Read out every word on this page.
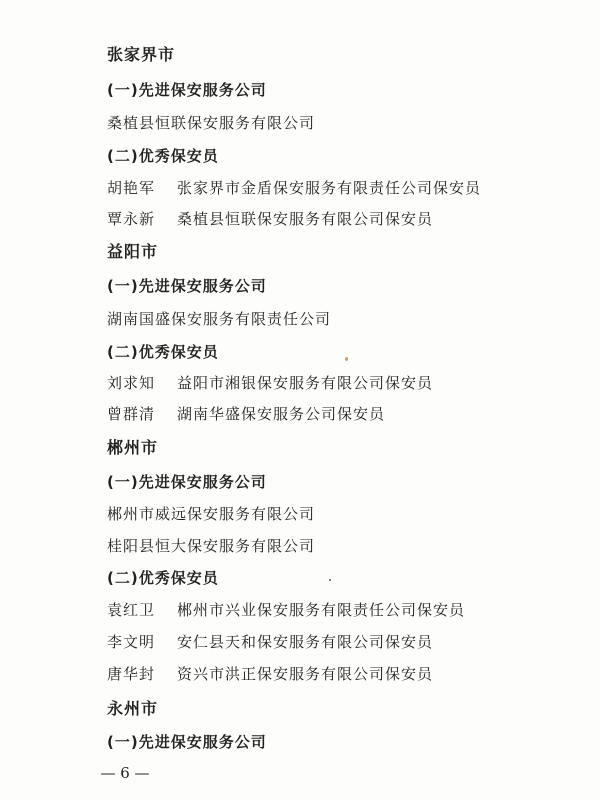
张家界市
(一)先进保安服务公司
桑植县恒联保安服务有限公司
(二)优秀保安员
胡艳军 张家界市金盾保安服务有限责任公司保安员
覃永新 桑植县恒联保安服务有限公司保安员
益阳市
(一)先进保安服务公司
湖南国盛保安服务有限责任公司
(二)优秀保安员
刘求知 益阳市湘银保安服务有限公司保安员
曾群清 湖南华盛保安服务公司保安员
郴州市
(一)先进保安服务公司
郴州市威远保安服务有限公司
桂阳县恒大保安服务有限公司
(二)优秀保安员
袁红卫 郴州市兴业保安服务有限责任公司保安员
李文明 安仁县天和保安服务有限公司保安员
唐华封 资兴市洪正保安服务有限公司保安员
永州市
(一)先进保安服务公司
— 6 —
